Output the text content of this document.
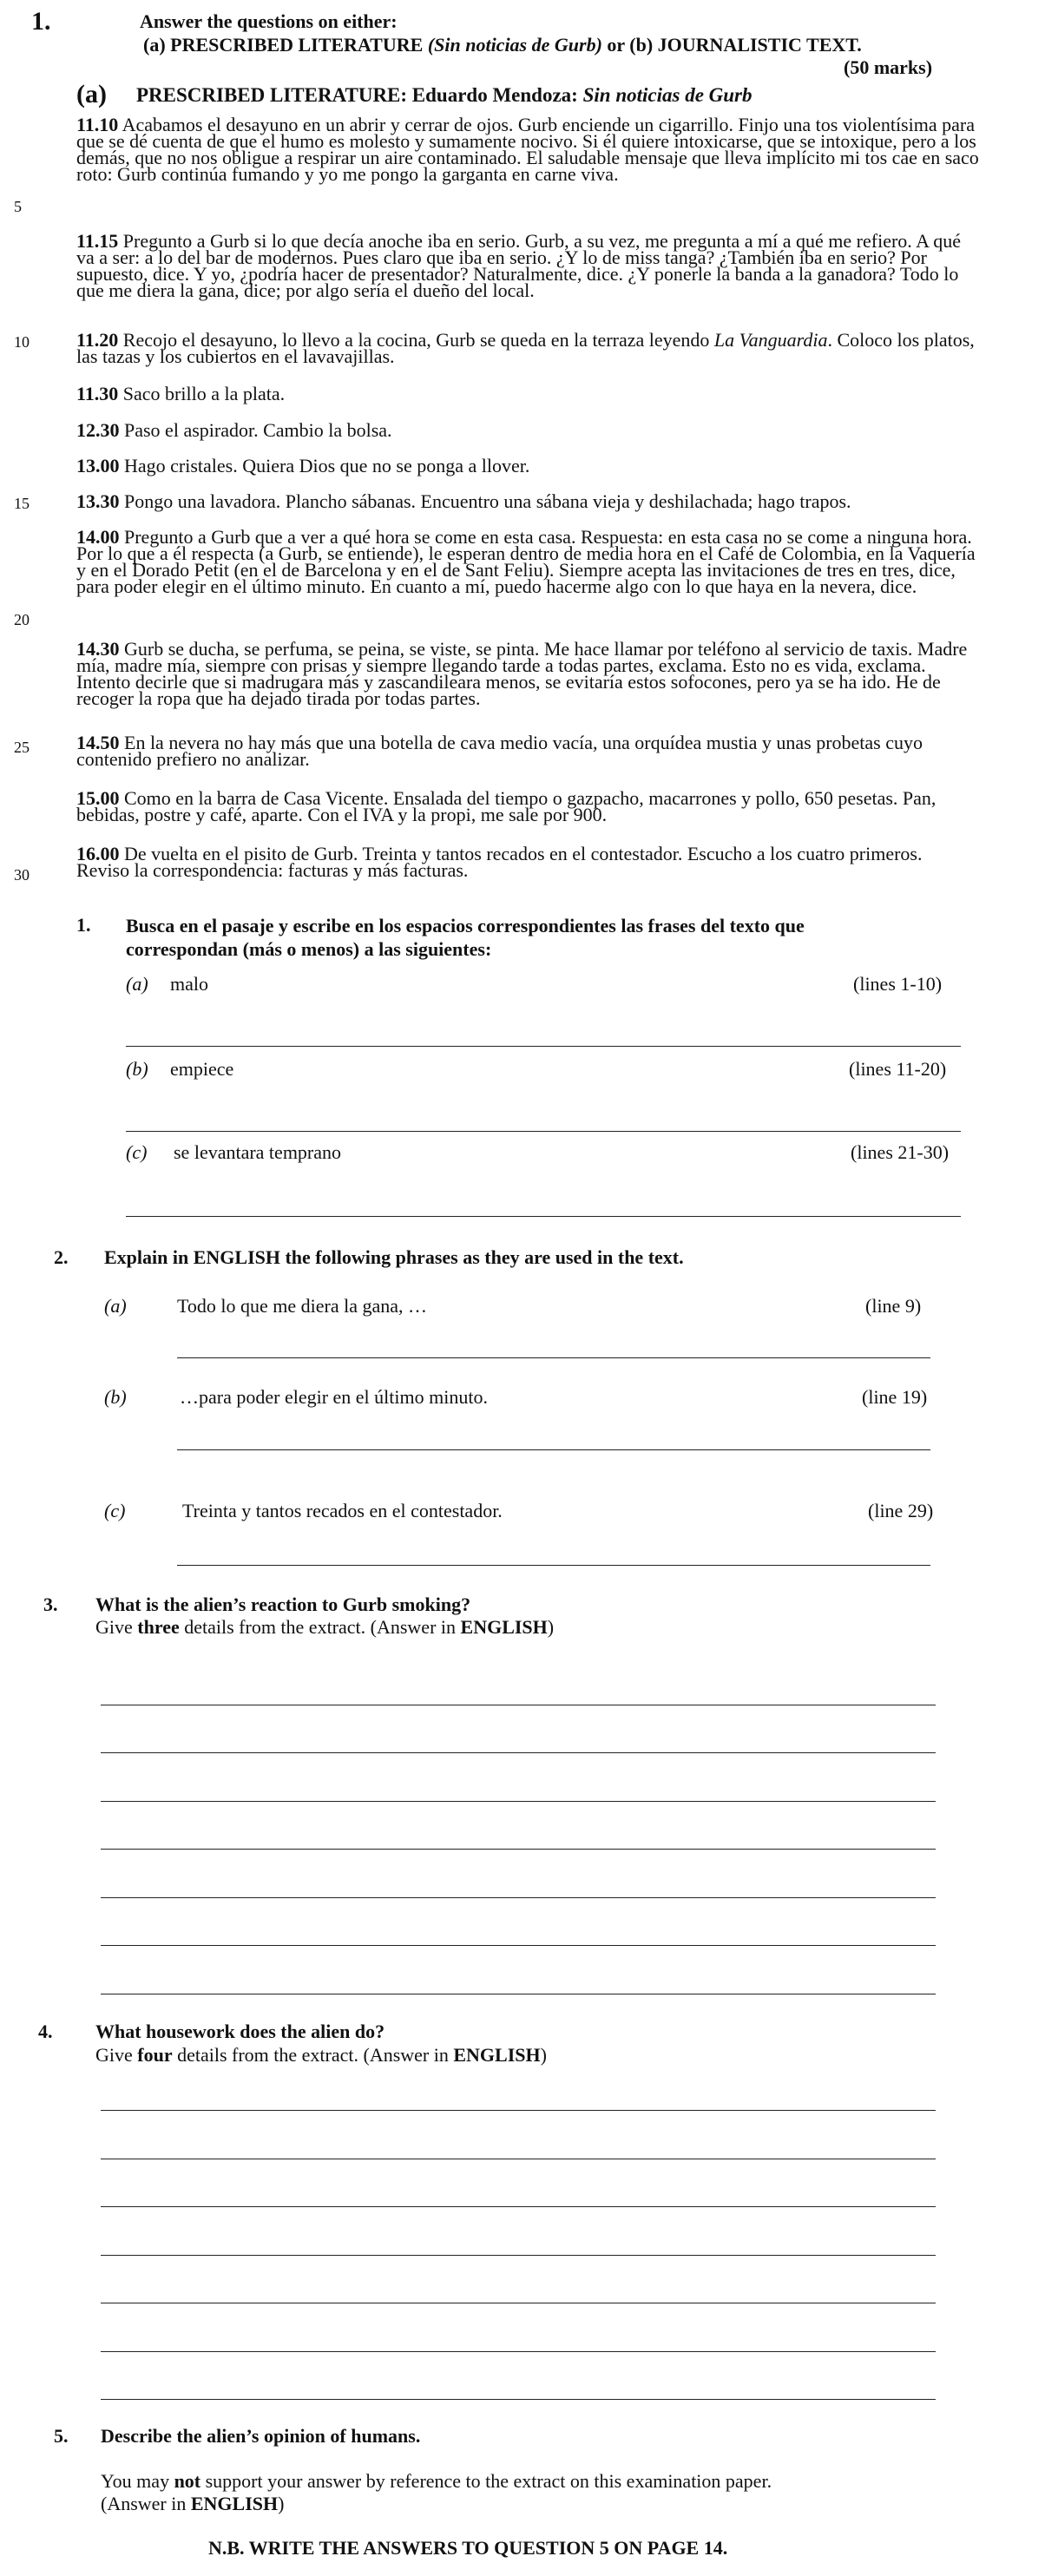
1.	Answer the questions on either:
(a) PRESCRIBED LITERATURE (Sin noticias de Gurb) or (b) JOURNALISTIC TEXT.
(50 marks)
(a) PRESCRIBED LITERATURE: Eduardo Mendoza: Sin noticias de Gurb
5
10
15
20
25
30
11.10 Acabamos el desayuno en un abrir y cerrar de ojos. Gurb enciende un cigarrillo. Finjo una tos violentísima para que se dé cuenta de que el humo es molesto y sumamente nocivo. Si él quiere intoxicarse, que se intoxique, pero a los demás, que no nos obligue a respirar un aire contaminado. El saludable mensaje que lleva implícito mi tos cae en saco roto: Gurb continúa fumando y yo me pongo la garganta en carne viva.
11.15 Pregunto a Gurb si lo que decía anoche iba en serio. Gurb, a su vez, me pregunta a mí a qué me refiero. A qué va a ser: a lo del bar de modernos. Pues claro que iba en serio. ¿Y lo de miss tanga? ¿También iba en serio? Por supuesto, dice. Y yo, ¿podría hacer de presentador? Naturalmente, dice. ¿Y ponerle la banda a la ganadora? Todo lo que me diera la gana, dice; por algo sería el dueño del local.
11.20 Recojo el desayuno, lo llevo a la cocina, Gurb se queda en la terraza leyendo La Vanguardia. Coloco los platos, las tazas y los cubiertos en el lavavajillas.
11.30 Saco brillo a la plata.
12.30 Paso el aspirador. Cambio la bolsa.
13.00 Hago cristales. Quiera Dios que no se ponga a llover.
13.30 Pongo una lavadora. Plancho sábanas. Encuentro una sábana vieja y deshilachada; hago trapos.
14.00 Pregunto a Gurb que a ver a qué hora se come en esta casa. Respuesta: en esta casa no se come a ninguna hora. Por lo que a él respecta (a Gurb, se entiende), le esperan dentro de media hora en el Café de Colombia, en la Vaquería y en el Dorado Petit (en el de Barcelona y en el de Sant Feliu). Siempre acepta las invitaciones de tres en tres, dice, para poder elegir en el último minuto. En cuanto a mí, puedo hacerme algo con lo que haya en la nevera, dice.
14.30 Gurb se ducha, se perfuma, se peina, se viste, se pinta. Me hace llamar por teléfono al servicio de taxis. Madre mía, madre mía, siempre con prisas y siempre llegando tarde a todas partes, exclama. Esto no es vida, exclama. Intento decirle que si madrugara más y zascandileara menos, se evitaría estos sofocones, pero ya se ha ido. He de recoger la ropa que ha dejado tirada por todas partes.
14.50 En la nevera no hay más que una botella de cava medio vacía, una orquídea mustia y unas probetas cuyo contenido prefiero no analizar.
15.00 Como en la barra de Casa Vicente. Ensalada del tiempo o gazpacho, macarrones y pollo, 650 pesetas. Pan, bebidas, postre y café, aparte. Con el IVA y la propi, me sale por 900.
16.00 De vuelta en el pisito de Gurb. Treinta y tantos recados en el contestador. Escucho a los cuatro primeros. Reviso la correspondencia: facturas y más facturas.
1. Busca en el pasaje y escribe en los espacios correspondientes las frases del texto que correspondan (más o menos) a las siguientes:
(a) malo	(lines 1-10)
(b) empiece	(lines 11-20)
(c) se levantara temprano	(lines 21-30)
2. Explain in ENGLISH the following phrases as they are used in the text.
(a)	Todo lo que me diera la gana, …	(line 9)
(b)	…para poder elegir en el último minuto.	(line 19)
(c)	Treinta y tantos recados en el contestador.	(line 29)
3. What is the alien’s reaction to Gurb smoking?
Give three details from the extract. (Answer in ENGLISH)
4. What housework does the alien do?
Give four details from the extract. (Answer in ENGLISH)
5. Describe the alien’s opinion of humans.
You may not support your answer by reference to the extract on this examination paper.
(Answer in ENGLISH)
N.B. WRITE THE ANSWERS TO QUESTION 5 ON PAGE 14.
